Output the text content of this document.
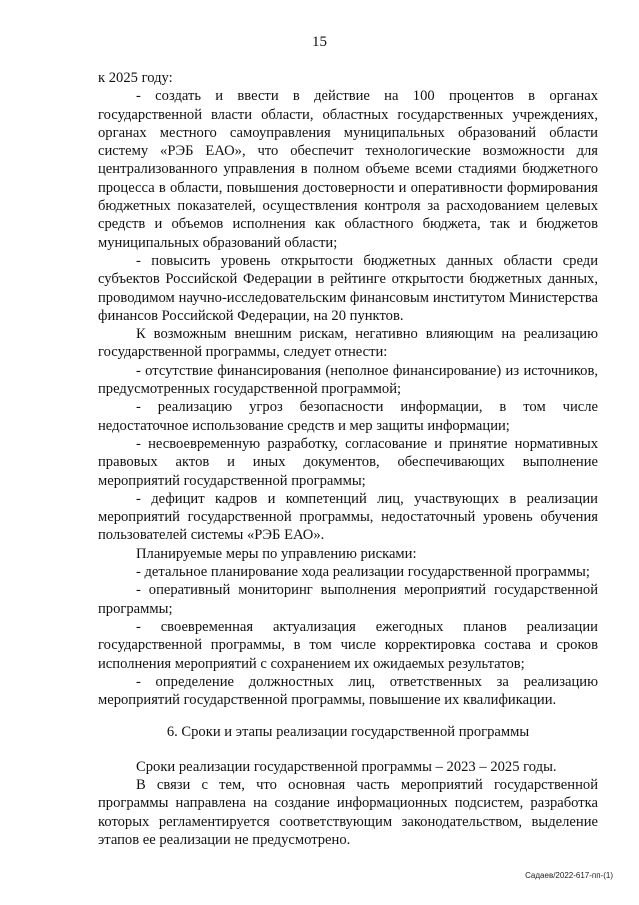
15

к 2025 году:

- создать и ввести в действие на 100 процентов в органах государственной власти области, областных государственных учреждениях, органах местного самоуправления муниципальных образований области систему «РЭБ ЕАО», что обеспечит технологические возможности для централизованного управления в полном объеме всеми стадиями бюджетного процесса в области, повышения достоверности и оперативности формирования бюджетных показателей, осуществления контроля за расходованием целевых средств и объемов исполнения как областного бюджета, так и бюджетов муниципальных образований области;

- повысить уровень открытости бюджетных данных области среди субъектов Российской Федерации в рейтинге открытости бюджетных данных, проводимом научно-исследовательским финансовым институтом Министерства финансов Российской Федерации, на 20 пунктов.

К возможным внешним рискам, негативно влияющим на реализацию государственной программы, следует отнести:

- отсутствие финансирования (неполное финансирование) из источников, предусмотренных государственной программой;

- реализацию угроз безопасности информации, в том числе недостаточное использование средств и мер защиты информации;

- несвоевременную разработку, согласование и принятие нормативных правовых актов и иных документов, обеспечивающих выполнение мероприятий государственной программы;

- дефицит кадров и компетенций лиц, участвующих в реализации мероприятий государственной программы, недостаточный уровень обучения пользователей системы «РЭБ ЕАО».

Планируемые меры по управлению рисками:

- детальное планирование хода реализации государственной программы;

- оперативный мониторинг выполнения мероприятий государственной программы;

- своевременная актуализация ежегодных планов реализации государственной программы, в том числе корректировка состава и сроков исполнения мероприятий с сохранением их ожидаемых результатов;

- определение должностных лиц, ответственных за реализацию мероприятий государственной программы, повышение их квалификации.

6. Сроки и этапы реализации государственной программы

Сроки реализации государственной программы – 2023 – 2025 годы.

В связи с тем, что основная часть мероприятий государственной программы направлена на создание информационных подсистем, разработка которых регламентируется соответствующим законодательством, выделение этапов ее реализации не предусмотрено.

Садаев/2022-617-пп-(1)
